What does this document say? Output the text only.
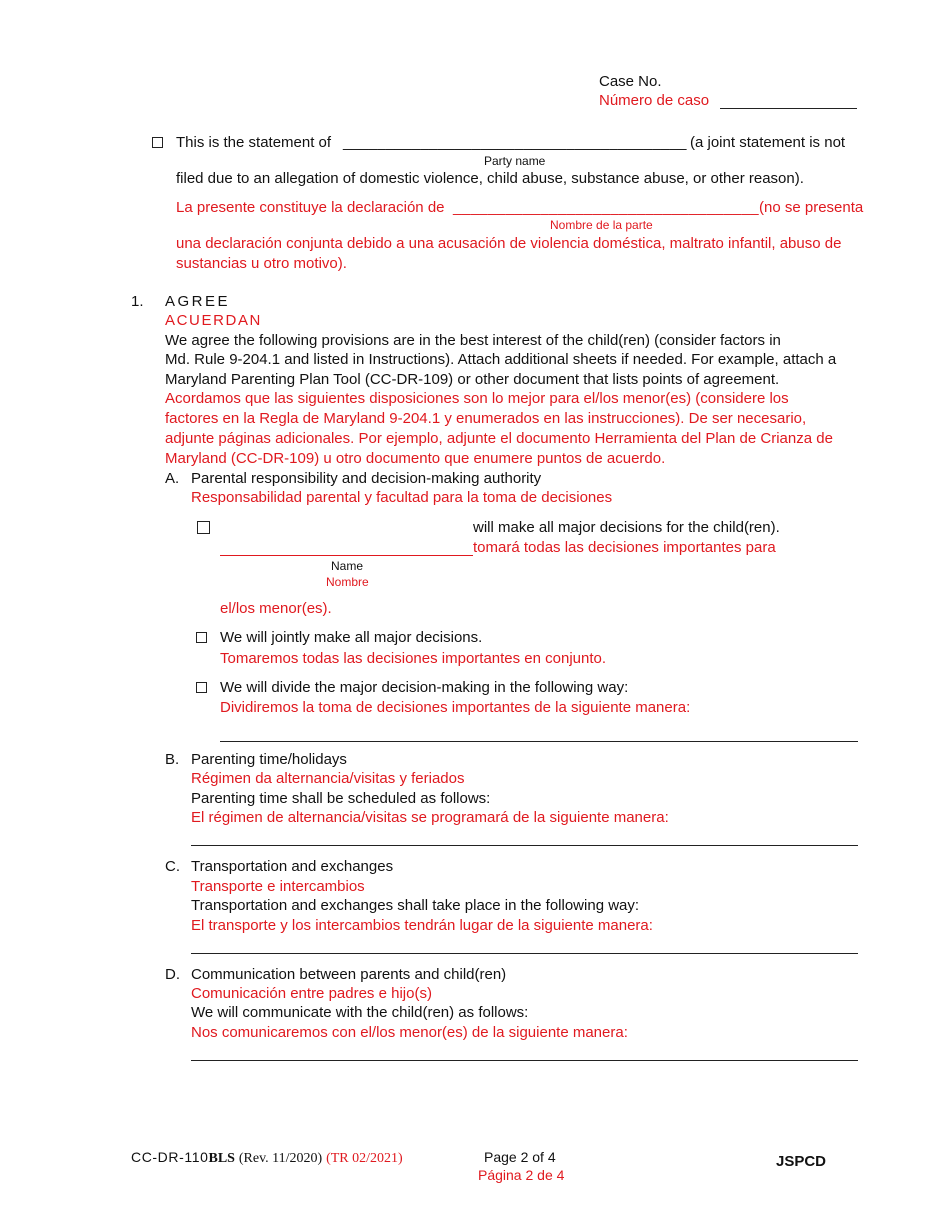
Case No.
Número de caso
This is the statement of ________________________________________ (a joint statement is not
Party name
filed due to an allegation of domestic violence, child abuse, substance abuse, or other reason).
La presente constituye la declaración de ___________________________________ (no se presenta
Nombre de la parte
una declaración conjunta debido a una acusación de violencia doméstica, maltrato infantil, abuso de
sustancias u otro motivo).
1. AGREE
ACUERDAN
We agree the following provisions are in the best interest of the child(ren) (consider factors in
Md. Rule 9-204.1 and listed in Instructions). Attach additional sheets if needed. For example, attach a
Maryland Parenting Plan Tool (CC-DR-109) or other document that lists points of agreement.
Acordamos que las siguientes disposiciones son lo mejor para el/los menor(es) (considere los
factores en la Regla de Maryland 9-204.1 y enumerados en las instrucciones). De ser necesario,
adjunte páginas adicionales. Por ejemplo, adjunte el documento Herramienta del Plan de Crianza de
Maryland (CC-DR-109) u otro documento que enumere puntos de acuerdo.
A. Parental responsibility and decision-making authority
Responsabilidad parental y facultad para la toma de decisiones
will make all major decisions for the child(ren).
tomará todas las decisiones importantes para
Name
Nombre
el/los menor(es).
We will jointly make all major decisions.
Tomaremos todas las decisiones importantes en conjunto.
We will divide the major decision-making in the following way:
Dividiremos la toma de decisiones importantes de la siguiente manera:
B. Parenting time/holidays
Régimen da alternancia/visitas y feriados
Parenting time shall be scheduled as follows:
El régimen de alternancia/visitas se programará de la siguiente manera:
C. Transportation and exchanges
Transporte e intercambios
Transportation and exchanges shall take place in the following way:
El transporte y los intercambios tendrán lugar de la siguiente manera:
D. Communication between parents and child(ren)
Comunicación entre padres e hijo(s)
We will communicate with the child(ren) as follows:
Nos comunicaremos con el/los menor(es) de la siguiente manera:
CC-DR-110BLS (Rev. 11/2020) (TR 02/2021)	Page 2 of 4
Página 2 de 4
JSPCD
